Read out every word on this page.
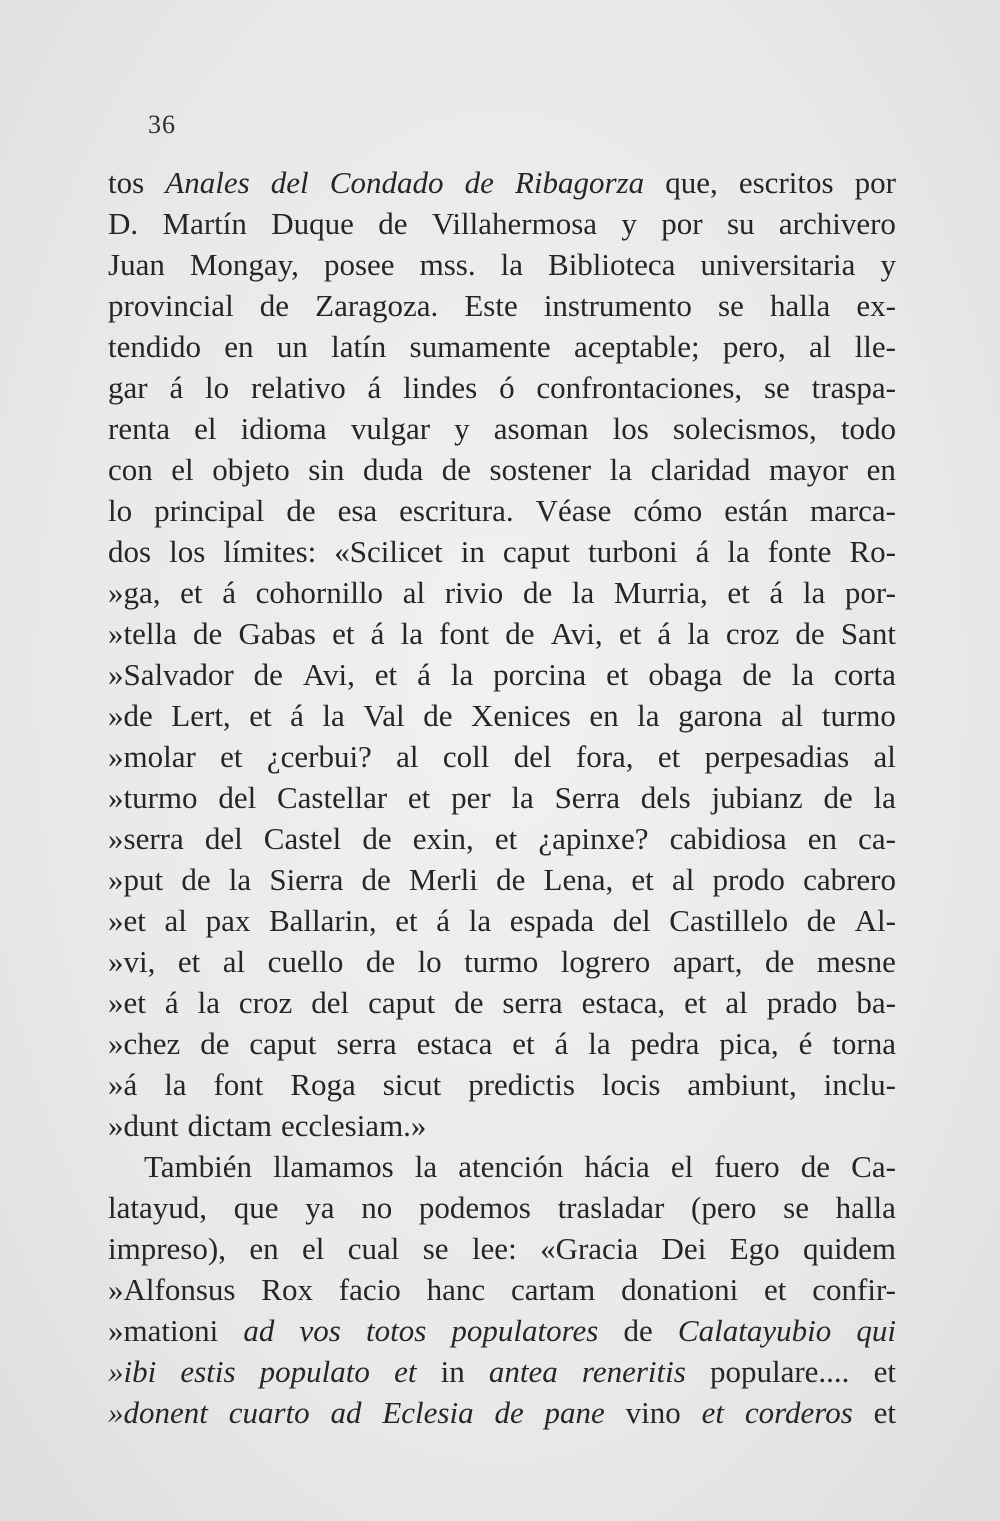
36
tos Anales del Condado de Ribagorza que, escritos por
D. Martín Duque de Villahermosa y por su archivero
Juan Mongay, posee mss. la Biblioteca universitaria y
provincial de Zaragoza. Este instrumento se halla ex-
tendido en un latín sumamente aceptable; pero, al lle-
gar á lo relativo á lindes ó confrontaciones, se traspa-
renta el idioma vulgar y asoman los solecismos, todo
con el objeto sin duda de sostener la claridad mayor en
lo principal de esa escritura. Véase cómo están marca-
dos los límites: «Scilicet in caput turboni á la fonte Ro-
»ga, et á cohornillo al rivio de la Murria, et á la por-
»tella de Gabas et á la font de Avi, et á la croz de Sant
»Salvador de Avi, et á la porcina et obaga de la corta
»de Lert, et á la Val de Xenices en la garona al turmo
»molar et ¿cerbui? al coll del fora, et perpesadias al
»turmo del Castellar et per la Serra dels jubianz de la
»serra del Castel de exin, et ¿apinxe? cabidiosa en ca-
»put de la Sierra de Merli de Lena, et al prodo cabrero
»et al pax Ballarin, et á la espada del Castillelo de Al-
»vi, et al cuello de lo turmo logrero apart, de mesne
»et á la croz del caput de serra estaca, et al prado ba-
»chez de caput serra estaca et á la pedra pica, é torna
»á la font Roga sicut predictis locis ambiunt, inclu-
»dunt dictam ecclesiam.»
También llamamos la atención hácia el fuero de Ca-
latayud, que ya no podemos trasladar (pero se halla
impreso), en el cual se lee: «Gracia Dei Ego quidem
»Alfonsus Rox facio hanc cartam donationi et confir-
»mationi ad vos totos populatores de Calatayubio qui
»ibi estis populato et in antea reneritis populare.... et
»donent cuarto ad Eclesia de pane vino et corderos et
